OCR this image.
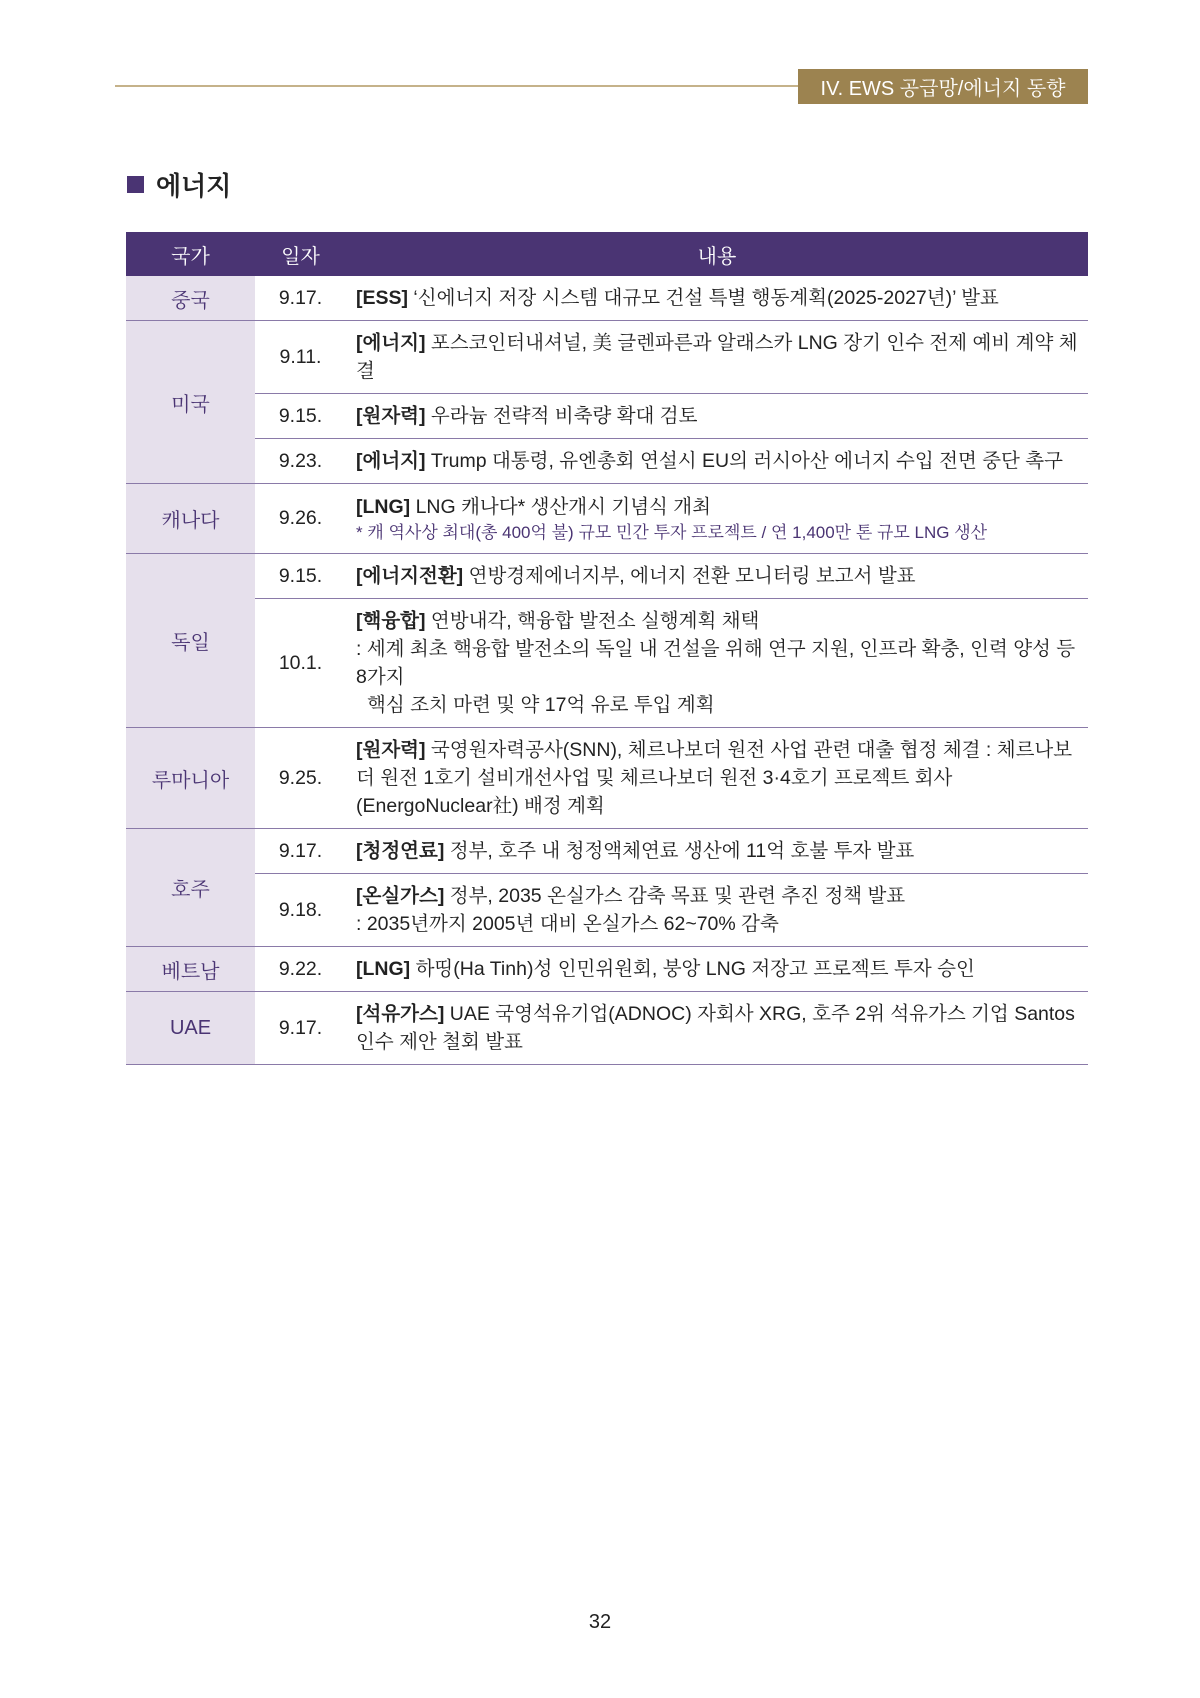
IV. EWS 공급망/에너지 동향
에너지
국가	일자	내용
중국	9.17.	[ESS] ‘신에너지 저장 시스템 대규모 건설 특별 행동계획(2025-2027년)’ 발표
미국	9.11.	[에너지] 포스코인터내셔널, 美 글렌파른과 알래스카 LNG 장기 인수 전제 예비 계약 체결
	9.15.	[원자력] 우라늄 전략적 비축량 확대 검토
	9.23.	[에너지] Trump 대통령, 유엔총회 연설시 EU의 러시아산 에너지 수입 전면 중단 촉구
캐나다	9.26.	[LNG] LNG 캐나다* 생산개시 기념식 개최
* 캐 역사상 최대(총 400억 불) 규모 민간 투자 프로젝트 / 연 1,400만 톤 규모 LNG 생산

독일	9.15.	[에너지전환] 연방경제에너지부, 에너지 전환 모니터링 보고서 발표
	10.1.	[핵융합] 연방내각, 핵융합 발전소 실행계획 채택
: 세계 최초 핵융합 발전소의 독일 내 건설을 위해 연구 지원, 인프라 확충, 인력 양성 등 8가지
핵심 조치 마련 및 약 17억 유로 투입 계획

루마니아	9.25.	[원자력] 국영원자력공사(SNN), 체르나보더 원전 사업 관련 대출 협정 체결 : 체르나보더 원전 1호기 설비개선사업 및 체르나보더 원전 3·4호기 프로젝트 회사(EnergoNuclear社) 배정 계획
호주	9.17.	[청정연료] 정부, 호주 내 청정액체연료 생산에 11억 호불 투자 발표
	9.18.	[온실가스] 정부, 2035 온실가스 감축 목표 및 관련 추진 정책 발표
: 2035년까지 2005년 대비 온실가스 62~70% 감축

베트남	9.22.	[LNG] 하띵(Ha Tinh)성 인민위원회, 붕앙 LNG 저장고 프로젝트 투자 승인
UAE	9.17.	[석유가스] UAE 국영석유기업(ADNOC) 자회사 XRG, 호주 2위 석유가스 기업 Santos 인수 제안 철회 발표
32
